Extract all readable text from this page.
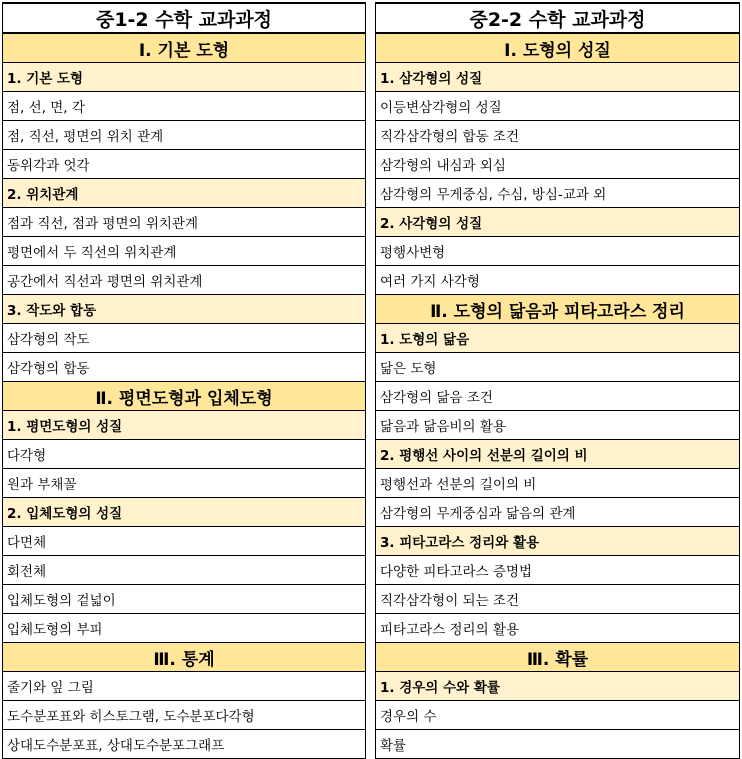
중1-2 수학 교과과정
Ⅰ. 기본 도형
1. 기본 도형
점, 선, 면, 각
점, 직선, 평면의 위치 관계
동위각과 엇각
2. 위치관계
점과 직선, 점과 평면의 위치관계
평면에서 두 직선의 위치관계
공간에서 직선과 평면의 위치관계
3. 작도와 합동
삼각형의 작도
삼각형의 합동
Ⅱ. 평면도형과 입체도형
1. 평면도형의 성질
다각형
원과 부채꼴
2. 입체도형의 성질
다면체
회전체
입체도형의 겉넓이
입체도형의 부피
Ⅲ. 통계
줄기와 잎 그림
도수분포표와 히스토그램, 도수분포다각형
상대도수분포표, 상대도수분포그래프
중2-2 수학 교과과정
Ⅰ. 도형의 성질
1. 삼각형의 성질
이등변삼각형의 성질
직각삼각형의 합동 조건
삼각형의 내심과 외심
삼각형의 무게중심, 수심, 방심-교과 외
2. 사각형의 성질
평행사변형
여러 가지 사각형
Ⅱ. 도형의 닮음과 피타고라스 정리
1. 도형의 닮음
닮은 도형
삼각형의 닮음 조건
닮음과 닮음비의 활용
2. 평행선 사이의 선분의 길이의 비
평행선과 선분의 길이의 비
삼각형의 무게중심과 닮음의 관계
3. 피타고라스 정리와 활용
다양한 피타고라스 증명법
직각삼각형이 되는 조건
피타고라스 정리의 활용
Ⅲ. 확률
1. 경우의 수와 확률
경우의 수
확률
